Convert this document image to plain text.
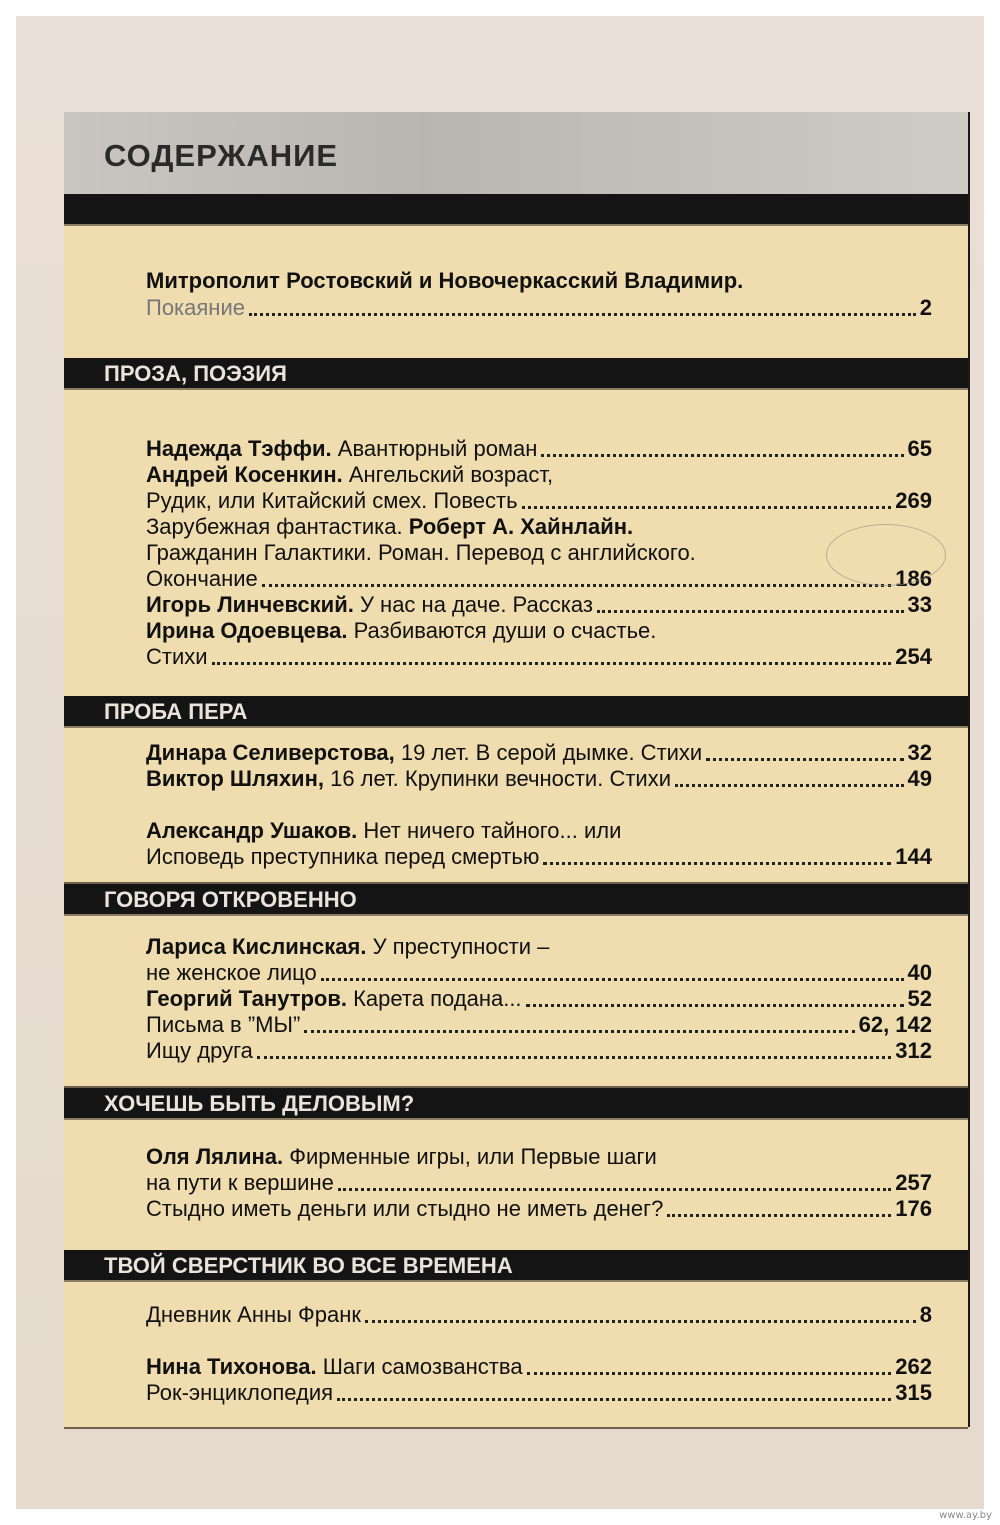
СОДЕРЖАНИЕ
Митрополит Ростовский и Новочеркасский Владимир.
Покаяние	2
ПРОЗА, ПОЭЗИЯ
Надежда Тэффи. Авантюрный роман	65
Андрей Косенкин. Ангельский возраст,
Рудик, или Китайский смех. Повесть	269
Зарубежная фантастика. Роберт А. Хайнлайн.
Гражданин Галактики. Роман. Перевод с английского.
Окончание	186
Игорь Линчевский. У нас на даче. Рассказ	33
Ирина Одоевцева. Разбиваются души о счастье.
Стихи	254
ПРОБА ПЕРА
Динара Селиверстова, 19 лет. В серой дымке. Стихи	32
Виктор Шляхин, 16 лет. Крупинки вечности. Стихи	49
Александр Ушаков. Нет ничего тайного... или
Исповедь преступника перед смертью	144
ГОВОРЯ ОТКРОВЕННО
Лариса Кислинская. У преступности –
не женское лицо	40
Георгий Танутров. Карета подана...	52
Письма в ”МЫ”	62, 142
Ищу друга	312
ХОЧЕШЬ БЫТЬ ДЕЛОВЫМ?
Оля Лялина. Фирменные игры, или Первые шаги
на пути к вершине	257
Стыдно иметь деньги или стыдно не иметь денег?	176
ТВОЙ СВЕРСТНИК ВО ВСЕ ВРЕМЕНА
Дневник Анны Франк	8
Нина Тихонова. Шаги самозванства	262
Рок-энциклопедия	315
www.ay.by
